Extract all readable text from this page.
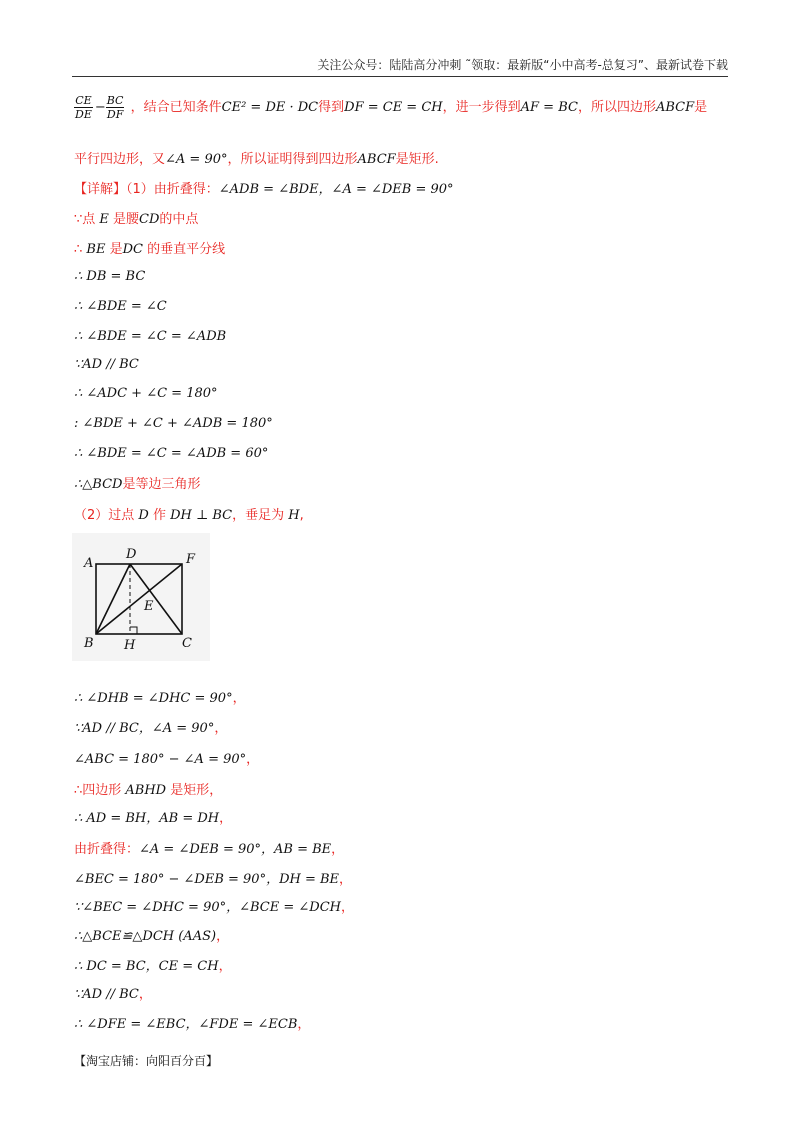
关注公众号：陆陆高分冲刺 ˜领取：最新版“小中高考-总复习”、最新试卷下载
$\frac{CE}{DE} - \frac{BC}{DF}$ ，结合已知条件CE² = DE · DC得到DF = CE = CH，进一步得到AF = BC，所以四边形ABCF是
平行四边形，又∠A = 90°，所以证明得到四边形ABCF是矩形.
【详解】（1）由折叠得：∠ADB = ∠BDE，∠A = ∠DEB = 90°
∵点 E 是腰CD的中点
∴ BE 是DC 的垂直平分线
∴ DB = BC
∴ ∠BDE = ∠C
∴ ∠BDE = ∠C = ∠ADB
∵AD // BC
∴ ∠ADC + ∠C = 180°
: ∠BDE + ∠C + ∠ADB = 180°
∴ ∠BDE = ∠C = ∠ADB = 60°
∴△BCD是等边三角形
（2）过点 D 作 DH ⊥ BC，垂足为 H,
A
D	F
E
B H	C
∴ ∠DHB = ∠DHC = 90°，
∵AD // BC，∠A = 90°，
∠ABC = 180° − ∠A = 90°，
∴四边形 ABHD 是矩形，
∴ AD = BH，AB = DH，
由折叠得：∠A = ∠DEB = 90°，AB = BE，
∠BEC = 180° − ∠DEB = 90°，DH = BE，
∵∠BEC = ∠DHC = 90°，∠BCE = ∠DCH，
∴△BCE≌△DCH (AAS)，
∴ DC = BC，CE = CH，
∵AD // BC，
∴ ∠DFE = ∠EBC，∠FDE = ∠ECB，
【淘宝店铺：向阳百分百】
